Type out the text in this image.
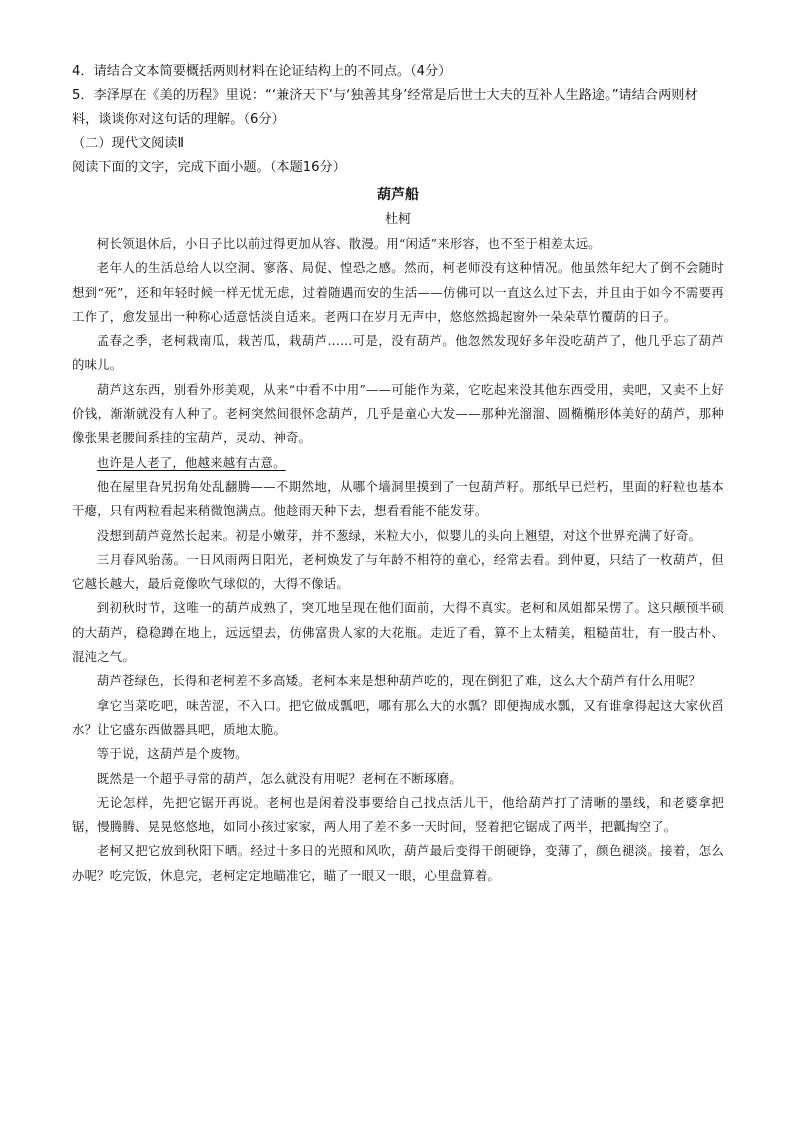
4．请结合文本简要概括两则材料在论证结构上的不同点。（4分）

5．李泽厚在《美的历程》里说：“‘兼济天下’与‘独善其身’经常是后世士大夫的互补人生路途。”请结合两则材料，谈谈你对这句话的理解。（6分）

（二）现代文阅读Ⅱ

阅读下面的文字，完成下面小题。（本题16分）

葫芦船

杜柯

柯长领退休后，小日子比以前过得更加从容、散漫。用“闲适”来形容，也不至于相差太远。

老年人的生活总给人以空洞、寥落、局促、惶恐之感。然而，柯老师没有这种情况。他虽然年纪大了倒不会随时想到“死”，还和年轻时候一样无忧无虑，过着随遇而安的生活——仿佛可以一直这么过下去，并且由于如今不需要再工作了，愈发显出一种称心适意恬淡自适来。老两口在岁月无声中，悠悠然捣起窗外一朵朵草竹覆荫的日子。

孟春之季，老柯栽南瓜，栽苦瓜，栽葫芦……可是，没有葫芦。他忽然发现好多年没吃葫芦了，他几乎忘了葫芦的味儿。

葫芦这东西，别看外形美观，从来“中看不中用”——可能作为菜，它吃起来没其他东西受用，卖吧，又卖不上好价钱，渐渐就没有人种了。老柯突然间很怀念葫芦，几乎是童心大发——那种光溜溜、圆椭椭形体美好的葫芦，那种像张果老腰间系挂的宝葫芦，灵动、神奇。

也许是人老了，他越来越有古意。

他在屋里旮旯拐角处乱翻腾——不期然地，从哪个墙洞里摸到了一包葫芦籽。那纸早已烂朽，里面的籽粒也基本干瘪，只有两粒看起来稍微饱满点。他趁雨天种下去，想看看能不能发芽。

没想到葫芦竟然长起来。初是小嫩芽，并不葱绿，米粒大小，似婴儿的头向上翘望，对这个世界充满了好奇。

三月春风骀荡。一日风雨两日阳光，老柯焕发了与年龄不相符的童心，经常去看。到仲夏，只结了一枚葫芦，但它越长越大，最后竟像吹气球似的，大得不像话。

到初秋时节，这唯一的葫芦成熟了，突兀地呈现在他们面前，大得不真实。老柯和凤姐都呆愣了。这只颟顸半硕的大葫芦，稳稳蹲在地上，远远望去，仿佛富贵人家的大花瓶。走近了看，算不上太精美，粗糙苗壮，有一股古朴、混沌之气。

葫芦苍绿色，长得和老柯差不多高矮。老柯本来是想种葫芦吃的，现在倒犯了难，这么大个葫芦有什么用呢？

拿它当菜吃吧，味苦涩，不入口。把它做成瓢吧，哪有那么大的水瓢？即便掏成水瓢，又有谁拿得起这大家伙舀水？让它盛东西做器具吧，质地太脆。

等于说，这葫芦是个废物。

既然是一个超乎寻常的葫芦，怎么就没有用呢？老柯在不断琢磨。

无论怎样，先把它锯开再说。老柯也是闲着没事要给自己找点活儿干，他给葫芦打了清晰的墨线，和老婆拿把锯，慢腾腾、晃晃悠悠地，如同小孩过家家，两人用了差不多一天时间，竖着把它锯成了两半，把瓤掏空了。

老柯又把它放到秋阳下晒。经过十多日的光照和风吹，葫芦最后变得干朗硬铮，变薄了，颜色褪淡。接着，怎么办呢？吃完饭，休息完，老柯定定地瞄准它，瞄了一眼又一眼，心里盘算着。
